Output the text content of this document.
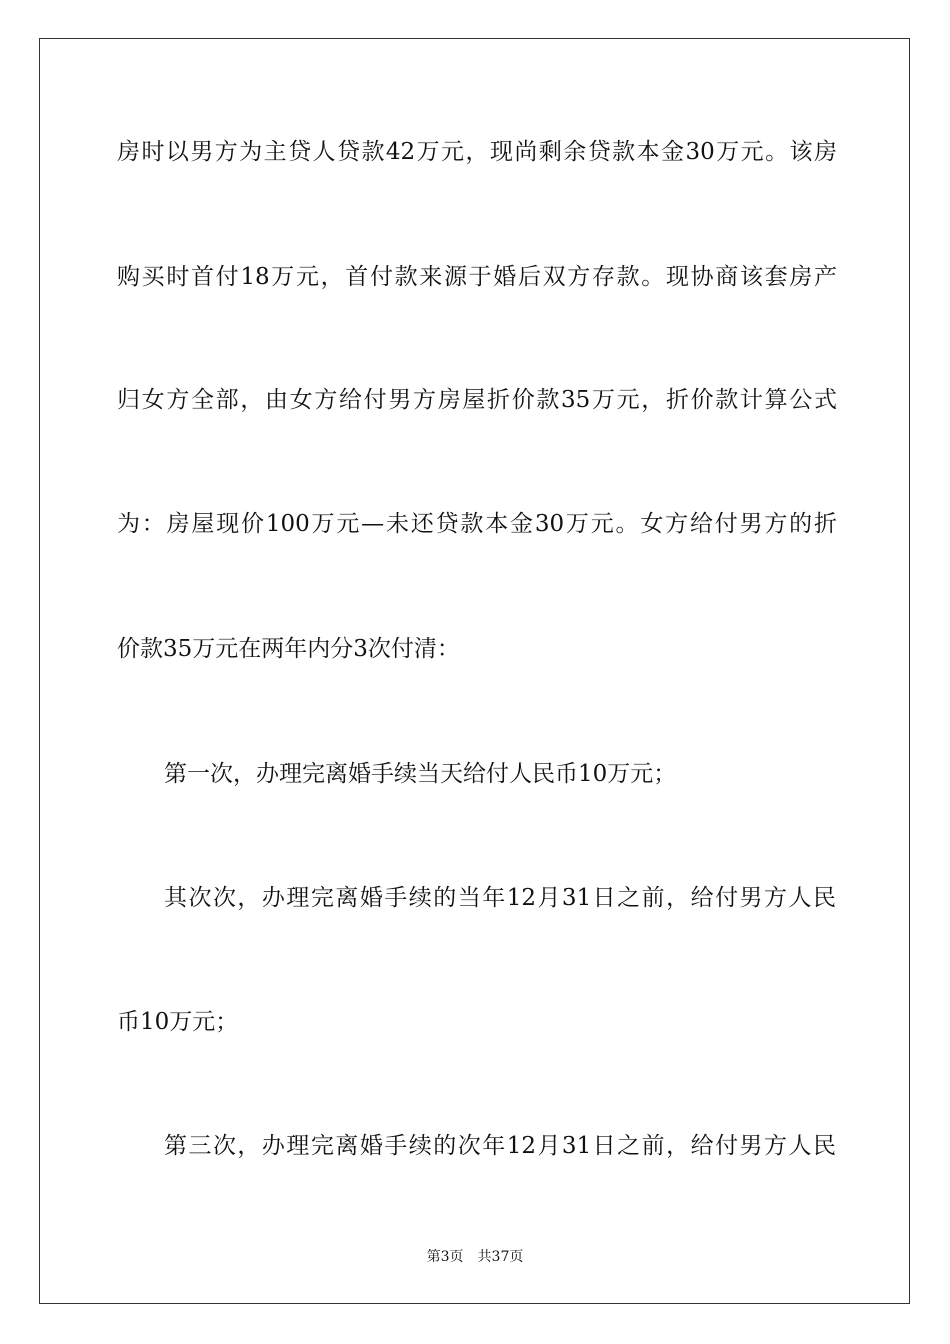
房时以男方为主贷人贷款42万元，现尚剩余贷款本金30万元。该房
购买时首付18万元，首付款来源于婚后双方存款。现协商该套房产
归女方全部，由女方给付男方房屋折价款35万元，折价款计算公式
为：房屋现价100万元—未还贷款本金30万元。女方给付男方的折
价款35万元在两年内分3次付清：
第一次，办理完离婚手续当天给付人民币10万元；
其次次，办理完离婚手续的当年12月31日之前，给付男方人民
币10万元；
第三次，办理完离婚手续的次年12月31日之前，给付男方人民
第3页 共37页
